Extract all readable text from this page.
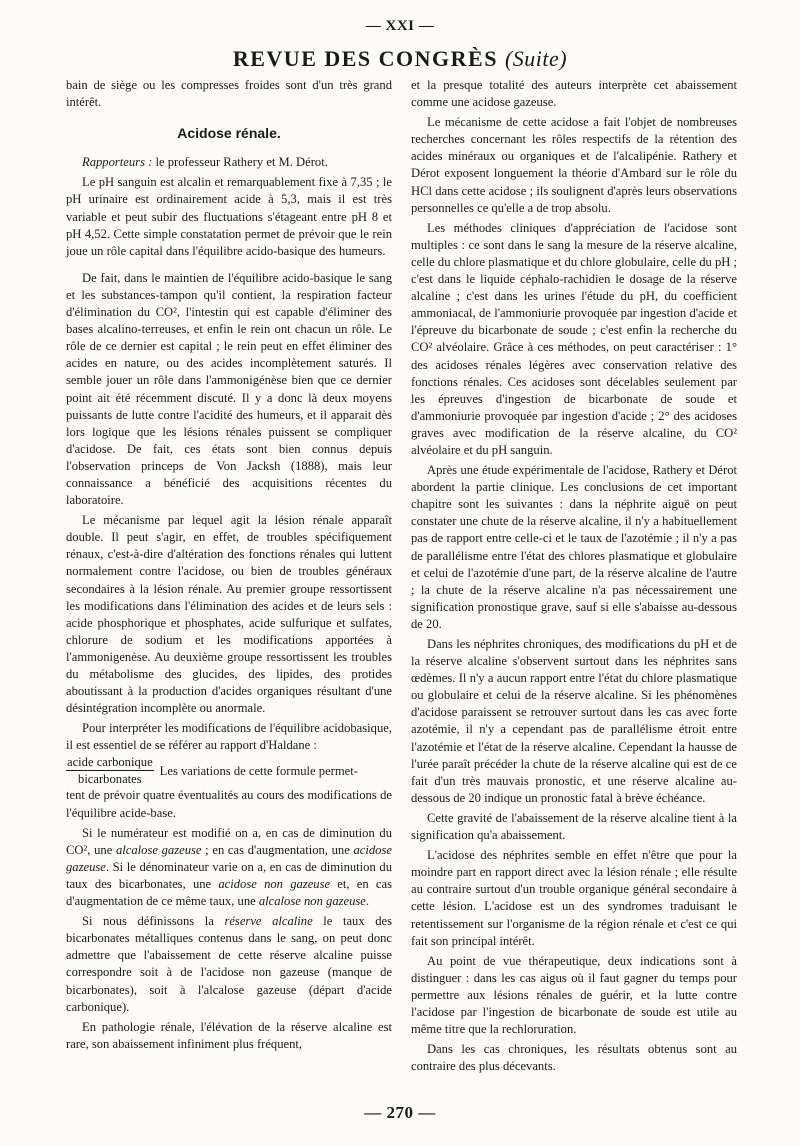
— XXI —
REVUE DES CONGRÈS (Suite)

bain de siège ou les compresses froides sont d'un très grand intérêt.

Acidose rénale.

Rapporteurs : le professeur Rathery et M. Dérot.

Le pH sanguin est alcalin et remarquablement fixe à 7,35 ; le pH urinaire est ordinairement acide à 5,3, mais il est très variable et peut subir des fluctuations s'étageant entre pH 8 et pH 4,52. Cette simple constatation permet de prévoir que le rein joue un rôle capital dans l'équilibre acido-basique des humeurs.

De fait, dans le maintien de l'équilibre acido-basique le sang et les substances-tampon qu'il contient, la respiration facteur d'élimination du CO², l'intestin qui est capable d'éliminer des bases alcalino-terreuses, et enfin le rein ont chacun un rôle. Le rôle de ce dernier est capital ; le rein peut en effet éliminer des acides en nature, ou des acides incomplètement saturés. Il semble jouer un rôle dans l'ammonigénèse bien que ce dernier point ait été récemment discuté. Il y a donc là deux moyens puissants de lutte contre l'acidité des humeurs, et il apparait dès lors logique que les lésions rénales puissent se compliquer d'acidose. De fait, ces états sont bien connus depuis l'observation princeps de Von Jacksh (1888), mais leur connaissance a bénéficié des acquisitions récentes du laboratoire.

Le mécanisme par lequel agit la lésion rénale apparaît double. Il peut s'agir, en effet, de troubles spécifiquement rénaux, c'est-à-dire d'altération des fonctions rénales qui luttent normalement contre l'acidose, ou bien de troubles généraux secondaires à la lésion rénale. Au premier groupe ressortissent les modifications dans l'élimination des acides et de leurs sels : acide phosphorique et phosphates, acide sulfurique et sulfates, chlorure de sodium et les modifications apportées à l'ammonigenèse. Au deuxième groupe ressortissent les troubles du métabolisme des glucides, des lipides, des protides aboutissant à la production d'acides organiques résultant d'une désintégration incomplète ou anormale.

Pour interpréter les modifications de l'équilibre acidobasique, il est essentiel de se référer au rapport d'Haldane :

$\frac{\text{acide carbonique}}{\text{bicarbonates}}$ Les variations de cette formule permet-

tent de prévoir quatre éventualités au cours des modifications de l'équilibre acide-base.

Si le numérateur est modifié on a, en cas de diminution du CO², une alcalose gazeuse ; en cas d'augmentation, une acidose gazeuse. Si le dénominateur varie on a, en cas de diminution du taux des bicarbonates, une acidose non gazeuse et, en cas d'augmentation de ce même taux, une alcalose non gazeuse.

Si nous définissons la réserve alcaline le taux des bicarbonates métalliques contenus dans le sang, on peut donc admettre que l'abaissement de cette réserve alcaline puisse correspondre soit à de l'acidose non gazeuse (manque de bicarbonates), soit à l'alcalose gazeuse (départ d'acide carbonique).

En pathologie rénale, l'élévation de la réserve alcaline est rare, son abaissement infiniment plus fréquent,

et la presque totalité des auteurs interprète cet abaissement comme une acidose gazeuse.

Le mécanisme de cette acidose a fait l'objet de nombreuses recherches concernant les rôles respectifs de la rétention des acides minéraux ou organiques et de l'alcalipénie. Rathery et Dérot exposent longuement la théorie d'Ambard sur le rôle du HCl dans cette acidose ; ils soulignent d'après leurs observations personnelles ce qu'elle a de trop absolu.

Les méthodes cliniques d'appréciation de l'acidose sont multiples : ce sont dans le sang la mesure de la réserve alcaline, celle du chlore plasmatique et du chlore globulaire, celle du pH ; c'est dans le liquide céphalo-rachidien le dosage de la réserve alcaline ; c'est dans les urines l'étude du pH, du coefficient ammoniacal, de l'ammoniurie provoquée par ingestion d'acide et l'épreuve du bicarbonate de soude ; c'est enfin la recherche du CO² alvéolaire. Grâce à ces méthodes, on peut caractériser : 1° des acidoses rénales légères avec conservation relative des fonctions rénales. Ces acidoses sont décelables seulement par les épreuves d'ingestion de bicarbonate de soude et d'ammoniurie provoquée par ingestion d'acide ; 2° des acidoses graves avec modification de la réserve alcaline, du CO² alvéolaire et du pH sanguin.

Après une étude expérimentale de l'acidose, Rathery et Dérot abordent la partie clinique. Les conclusions de cet important chapitre sont les suivantes : dans la néphrite aiguë on peut constater une chute de la réserve alcaline, il n'y a habituellement pas de rapport entre celle-ci et le taux de l'azotémie ; il n'y a pas de parallélisme entre l'état des chlores plasmatique et globulaire et celui de l'azotémie d'une part, de la réserve alcaline de l'autre ; la chute de la réserve alcaline n'a pas nécessairement une signification pronostique grave, sauf si elle s'abaisse au-dessous de 20.

Dans les néphrites chroniques, des modifications du pH et de la réserve alcaline s'observent surtout dans les néphrites sans œdèmes. Il n'y a aucun rapport entre l'état du chlore plasmatique ou globulaire et celui de la réserve alcaline. Si les phénomènes d'acidose paraissent se retrouver surtout dans les cas avec forte azotémie, il n'y a cependant pas de parallélisme étroit entre l'azotémie et l'état de la réserve alcaline. Cependant la hausse de l'urée paraît précéder la chute de la réserve alcaline qui est de ce fait d'un très mauvais pronostic, et une réserve alcaline au-dessous de 20 indique un pronostic fatal à brève échéance.

Cette gravité de l'abaissement de la réserve alcaline tient à la signification qu'a abaissement.

L'acidose des néphrites semble en effet n'être que pour la moindre part en rapport direct avec la lésion rénale ; elle résulte au contraire surtout d'un trouble organique général secondaire à cette lésion. L'acidose est un des syndromes traduisant le retentissement sur l'organisme de la région rénale et c'est ce qui fait son principal intérêt.

Au point de vue thérapeutique, deux indications sont à distinguer : dans les cas aigus où il faut gagner du temps pour permettre aux lésions rénales de guérir, et la lutte contre l'acidose par l'ingestion de bicarbonate de soude est utile au même titre que la rechloruration.

Dans les cas chroniques, les résultats obtenus sont au contraire des plus décevants.

— 270 —
